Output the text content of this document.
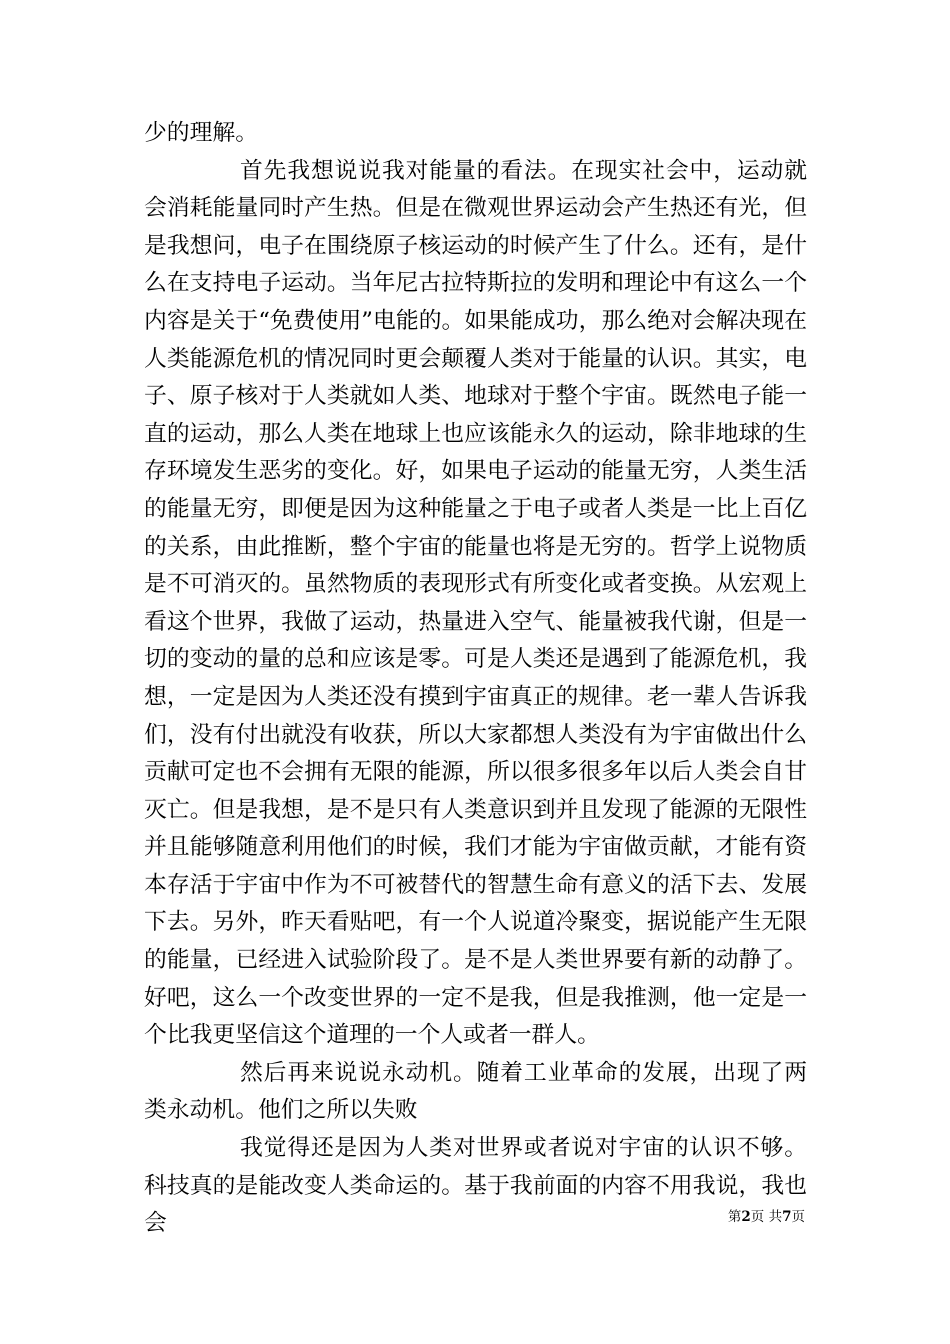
少的理解。

首先我想说说我对能量的看法。在现实社会中，运动就会消耗能量同时产生热。但是在微观世界运动会产生热还有光，但是我想问，电子在围绕原子核运动的时候产生了什么。还有，是什么在支持电子运动。当年尼古拉特斯拉的发明和理论中有这么一个内容是关于“免费使用”电能的。如果能成功，那么绝对会解决现在人类能源危机的情况同时更会颠覆人类对于能量的认识。其实，电子、原子核对于人类就如人类、地球对于整个宇宙。既然电子能一直的运动，那么人类在地球上也应该能永久的运动，除非地球的生存环境发生恶劣的变化。好，如果电子运动的能量无穷，人类生活的能量无穷，即便是因为这种能量之于电子或者人类是一比上百亿的关系，由此推断，整个宇宙的能量也将是无穷的。哲学上说物质是不可消灭的。虽然物质的表现形式有所变化或者变换。从宏观上看这个世界，我做了运动，热量进入空气、能量被我代谢，但是一切的变动的量的总和应该是零。可是人类还是遇到了能源危机，我想，一定是因为人类还没有摸到宇宙真正的规律。老一辈人告诉我们，没有付出就没有收获，所以大家都想人类没有为宇宙做出什么贡献可定也不会拥有无限的能源，所以很多很多年以后人类会自甘灭亡。但是我想，是不是只有人类意识到并且发现了能源的无限性并且能够随意利用他们的时候，我们才能为宇宙做贡献，才能有资本存活于宇宙中作为不可被替代的智慧生命有意义的活下去、发展下去。另外，昨天看贴吧，有一个人说道冷聚变，据说能产生无限的能量，已经进入试验阶段了。是不是人类世界要有新的动静了。好吧，这么一个改变世界的一定不是我，但是我推测，他一定是一个比我更坚信这个道理的一个人或者一群人。

然后再来说说永动机。随着工业革命的发展，出现了两类永动机。他们之所以失败

我觉得还是因为人类对世界或者说对宇宙的认识不够。科技真的是能改变人类命运的。基于我前面的内容不用我说，我也会	第2页 共7页
